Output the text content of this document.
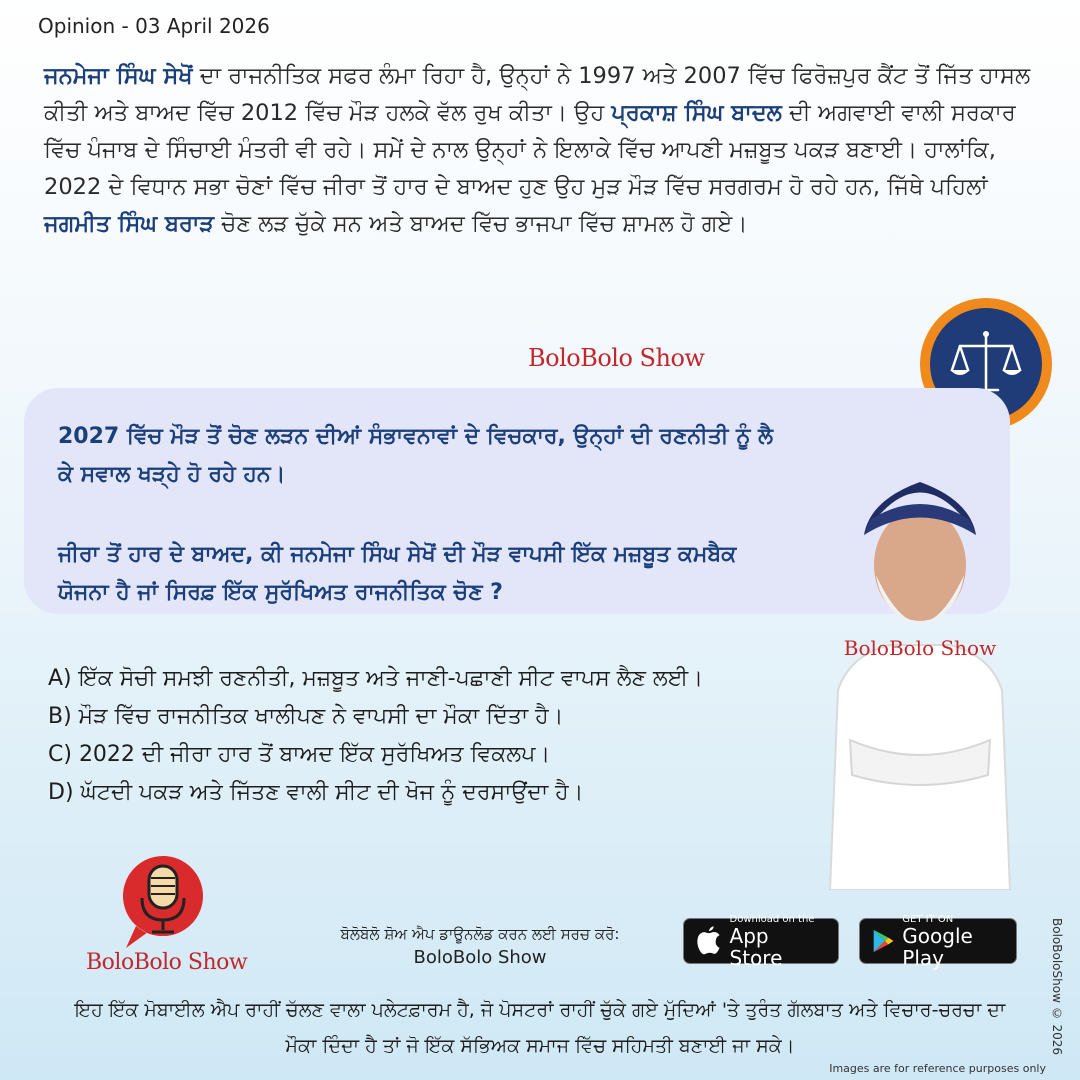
Opinion - 03 April 2026
ਜਨਮੇਜਾ ਸਿੰਘ ਸੇਖੋਂ ਦਾ ਰਾਜਨੀਤਿਕ ਸਫਰ ਲੰਮਾ ਰਿਹਾ ਹੈ, ਉਨ੍ਹਾਂ ਨੇ 1997 ਅਤੇ 2007 ਵਿੱਚ ਫਿਰੋਜ਼ਪੁਰ ਕੈਂਟ ਤੋਂ ਜਿੱਤ ਹਾਸਲ ਕੀਤੀ ਅਤੇ ਬਾਅਦ ਵਿੱਚ 2012 ਵਿੱਚ ਮੌੜ ਹਲਕੇ ਵੱਲ ਰੁਖ ਕੀਤਾ। ਉਹ ਪ੍ਰਕਾਸ਼ ਸਿੰਘ ਬਾਦਲ ਦੀ ਅਗਵਾਈ ਵਾਲੀ ਸਰਕਾਰ ਵਿੱਚ ਪੰਜਾਬ ਦੇ ਸਿੰਚਾਈ ਮੰਤਰੀ ਵੀ ਰਹੇ। ਸਮੇਂ ਦੇ ਨਾਲ ਉਨ੍ਹਾਂ ਨੇ ਇਲਾਕੇ ਵਿੱਚ ਆਪਣੀ ਮਜ਼ਬੂਤ ਪਕੜ ਬਣਾਈ। ਹਾਲਾਂਕਿ, 2022 ਦੇ ਵਿਧਾਨ ਸਭਾ ਚੋਣਾਂ ਵਿੱਚ ਜੀਰਾ ਤੋਂ ਹਾਰ ਦੇ ਬਾਅਦ ਹੁਣ ਉਹ ਮੁੜ ਮੌੜ ਵਿੱਚ ਸਰਗਰਮ ਹੋ ਰਹੇ ਹਨ, ਜਿੱਥੇ ਪਹਿਲਾਂ ਜਗਮੀਤ ਸਿੰਘ ਬਰਾੜ ਚੋਣ ਲੜ ਚੁੱਕੇ ਸਨ ਅਤੇ ਬਾਅਦ ਵਿੱਚ ਭਾਜਪਾ ਵਿੱਚ ਸ਼ਾਮਲ ਹੋ ਗਏ।
BoloBolo Show
2027 ਵਿੱਚ ਮੌੜ ਤੋਂ ਚੋਣ ਲੜਨ ਦੀਆਂ ਸੰਭਾਵਨਾਵਾਂ ਦੇ ਵਿਚਕਾਰ, ਉਨ੍ਹਾਂ ਦੀ ਰਣਨੀਤੀ ਨੂੰ ਲੈ ਕੇ ਸਵਾਲ ਖੜ੍ਹੇ ਹੋ ਰਹੇ ਹਨ।
ਜੀਰਾ ਤੋਂ ਹਾਰ ਦੇ ਬਾਅਦ, ਕੀ ਜਨਮੇਜਾ ਸਿੰਘ ਸੇਖੋਂ ਦੀ ਮੌੜ ਵਾਪਸੀ ਇੱਕ ਮਜ਼ਬੂਤ ਕਮਬੈਕ ਯੋਜਨਾ ਹੈ ਜਾਂ ਸਿਰਫ਼ ਇੱਕ ਸੁਰੱਖਿਅਤ ਰਾਜਨੀਤਿਕ ਚੋਣ ?
BoloBolo Show
A) ਇੱਕ ਸੋਚੀ ਸਮਝੀ ਰਣਨੀਤੀ, ਮਜ਼ਬੂਤ ਅਤੇ ਜਾਣੀ-ਪਛਾਣੀ ਸੀਟ ਵਾਪਸ ਲੈਣ ਲਈ।
B) ਮੌੜ ਵਿੱਚ ਰਾਜਨੀਤਿਕ ਖਾਲੀਪਣ ਨੇ ਵਾਪਸੀ ਦਾ ਮੌਕਾ ਦਿੱਤਾ ਹੈ।
C) 2022 ਦੀ ਜੀਰਾ ਹਾਰ ਤੋਂ ਬਾਅਦ ਇੱਕ ਸੁਰੱਖਿਅਤ ਵਿਕਲਪ।
D) ਘੱਟਦੀ ਪਕੜ ਅਤੇ ਜਿੱਤਣ ਵਾਲੀ ਸੀਟ ਦੀ ਖੋਜ ਨੂੰ ਦਰਸਾਉਂਦਾ ਹੈ।
BoloBolo Show
ਬੋਲੋਬੋਲੋ ਸ਼ੋਅ ਐਪ ਡਾਊਨਲੋਡ ਕਰਨ ਲਈ ਸਰਚ ਕਰੋ:
BoloBolo Show
Download on the
App Store
GET IT ON
Google Play
ਇਹ ਇੱਕ ਮੋਬਾਈਲ ਐਪ ਰਾਹੀਂ ਚੱਲਣ ਵਾਲਾ ਪਲੇਟਫ਼ਾਰਮ ਹੈ, ਜੋ ਪੋਸਟਰਾਂ ਰਾਹੀਂ ਚੁੱਕੇ ਗਏ ਮੁੱਦਿਆਂ 'ਤੇ ਤੁਰੰਤ ਗੱਲਬਾਤ ਅਤੇ ਵਿਚਾਰ-ਚਰਚਾ ਦਾ ਮੌਕਾ ਦਿੰਦਾ ਹੈ ਤਾਂ ਜੋ ਇੱਕ ਸੱਭਿਅਕ ਸਮਾਜ ਵਿੱਚ ਸਹਿਮਤੀ ਬਣਾਈ ਜਾ ਸਕੇ।	BoloBoloShow © 2026
Images are for reference purposes only
